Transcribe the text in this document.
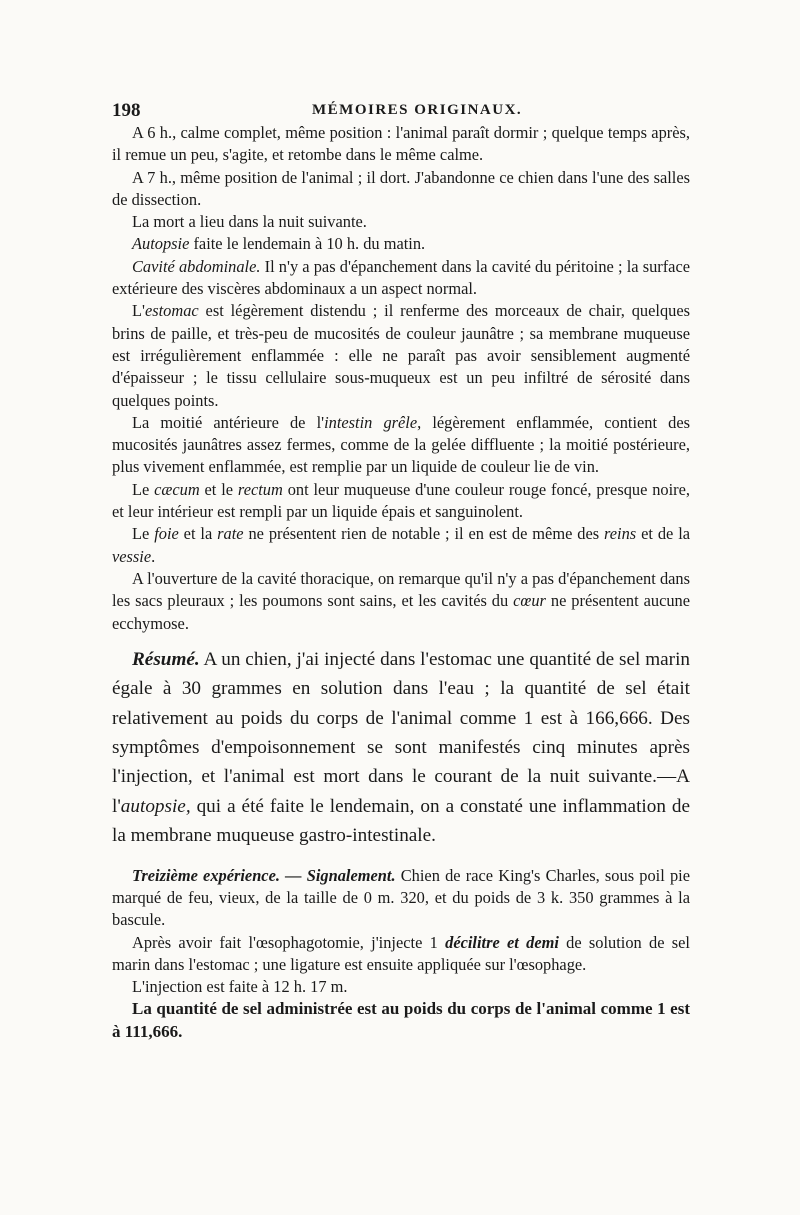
198	MÉMOIRES ORIGINAUX.

A 6 h., calme complet, même position : l'animal paraît dormir ; quelque temps après, il remue un peu, s'agite, et retombe dans le même calme.

A 7 h., même position de l'animal ; il dort. J'abandonne ce chien dans l'une des salles de dissection.

La mort a lieu dans la nuit suivante.

Autopsie faite le lendemain à 10 h. du matin.

Cavité abdominale. Il n'y a pas d'épanchement dans la cavité du péritoine ; la surface extérieure des viscères abdominaux a un aspect normal.

L'estomac est légèrement distendu ; il renferme des morceaux de chair, quelques brins de paille, et très-peu de mucosités de couleur jaunâtre ; sa membrane muqueuse est irrégulièrement enflammée : elle ne paraît pas avoir sensiblement augmenté d'épaisseur ; le tissu cellulaire sous-muqueux est un peu infiltré de sérosité dans quelques points.

La moitié antérieure de l'intestin grêle, légèrement enflammée, contient des mucosités jaunâtres assez fermes, comme de la gelée diffluente ; la moitié postérieure, plus vivement enflammée, est remplie par un liquide de couleur lie de vin.

Le cæcum et le rectum ont leur muqueuse d'une couleur rouge foncé, presque noire, et leur intérieur est rempli par un liquide épais et sanguinolent.

Le foie et la rate ne présentent rien de notable ; il en est de même des reins et de la vessie.

A l'ouverture de la cavité thoracique, on remarque qu'il n'y a pas d'épanchement dans les sacs pleuraux ; les poumons sont sains, et les cavités du cœur ne présentent aucune ecchymose.

Résumé. A un chien, j'ai injecté dans l'estomac une quantité de sel marin égale à 30 grammes en solution dans l'eau ; la quantité de sel était relativement au poids du corps de l'animal comme 1 est à 166,666. Des symptômes d'empoisonnement se sont manifestés cinq minutes après l'injection, et l'animal est mort dans le courant de la nuit suivante.—A l'autopsie, qui a été faite le lendemain, on a constaté une inflammation de la membrane muqueuse gastro-intestinale.

Treizième expérience. — Signalement. Chien de race King's Charles, sous poil pie marqué de feu, vieux, de la taille de 0 m. 320, et du poids de 3 k. 350 grammes à la bascule.

Après avoir fait l'œsophagotomie, j'injecte 1 décilitre et demi de solution de sel marin dans l'estomac ; une ligature est ensuite appliquée sur l'œsophage.

L'injection est faite à 12 h. 17 m.

La quantité de sel administrée est au poids du corps de l'animal comme 1 est à 111,666.
